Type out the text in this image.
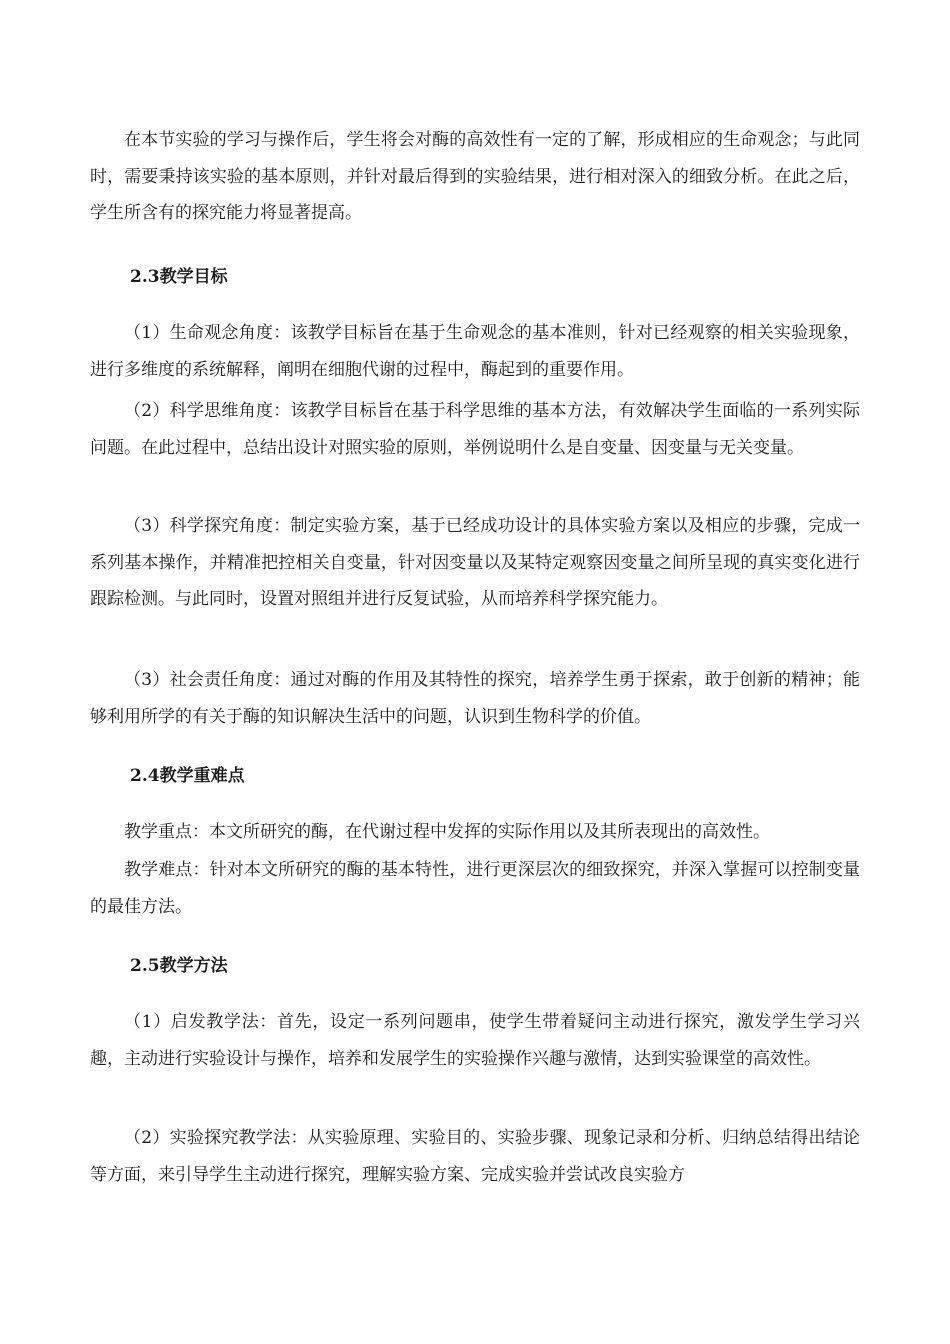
在本节实验的学习与操作后，学生将会对酶的高效性有一定的了解，形成相应的生命观念；与此同时，需要秉持该实验的基本原则，并针对最后得到的实验结果，进行相对深入的细致分析。在此之后，学生所含有的探究能力将显著提高。

2.3教学目标

（1）生命观念角度：该教学目标旨在基于生命观念的基本准则，针对已经观察的相关实验现象，进行多维度的系统解释，阐明在细胞代谢的过程中，酶起到的重要作用。

（2）科学思维角度：该教学目标旨在基于科学思维的基本方法，有效解决学生面临的一系列实际问题。在此过程中，总结出设计对照实验的原则，举例说明什么是自变量、因变量与无关变量。

（3）科学探究角度：制定实验方案，基于已经成功设计的具体实验方案以及相应的步骤，完成一系列基本操作，并精准把控相关自变量，针对因变量以及某特定观察因变量之间所呈现的真实变化进行跟踪检测。与此同时，设置对照组并进行反复试验，从而培养科学探究能力。

（3）社会责任角度：通过对酶的作用及其特性的探究，培养学生勇于探索，敢于创新的精神；能够利用所学的有关于酶的知识解决生活中的问题，认识到生物科学的价值。

2.4教学重难点

教学重点：本文所研究的酶，在代谢过程中发挥的实际作用以及其所表现出的高效性。

教学难点：针对本文所研究的酶的基本特性，进行更深层次的细致探究，并深入掌握可以控制变量的最佳方法。

2.5教学方法

（1）启发教学法：首先，设定一系列问题串，使学生带着疑问主动进行探究，激发学生学习兴趣，主动进行实验设计与操作，培养和发展学生的实验操作兴趣与激情，达到实验课堂的高效性。

（2）实验探究教学法：从实验原理、实验目的、实验步骤、现象记录和分析、归纳总结得出结论等方面，来引导学生主动进行探究，理解实验方案、完成实验并尝试改良实验方
